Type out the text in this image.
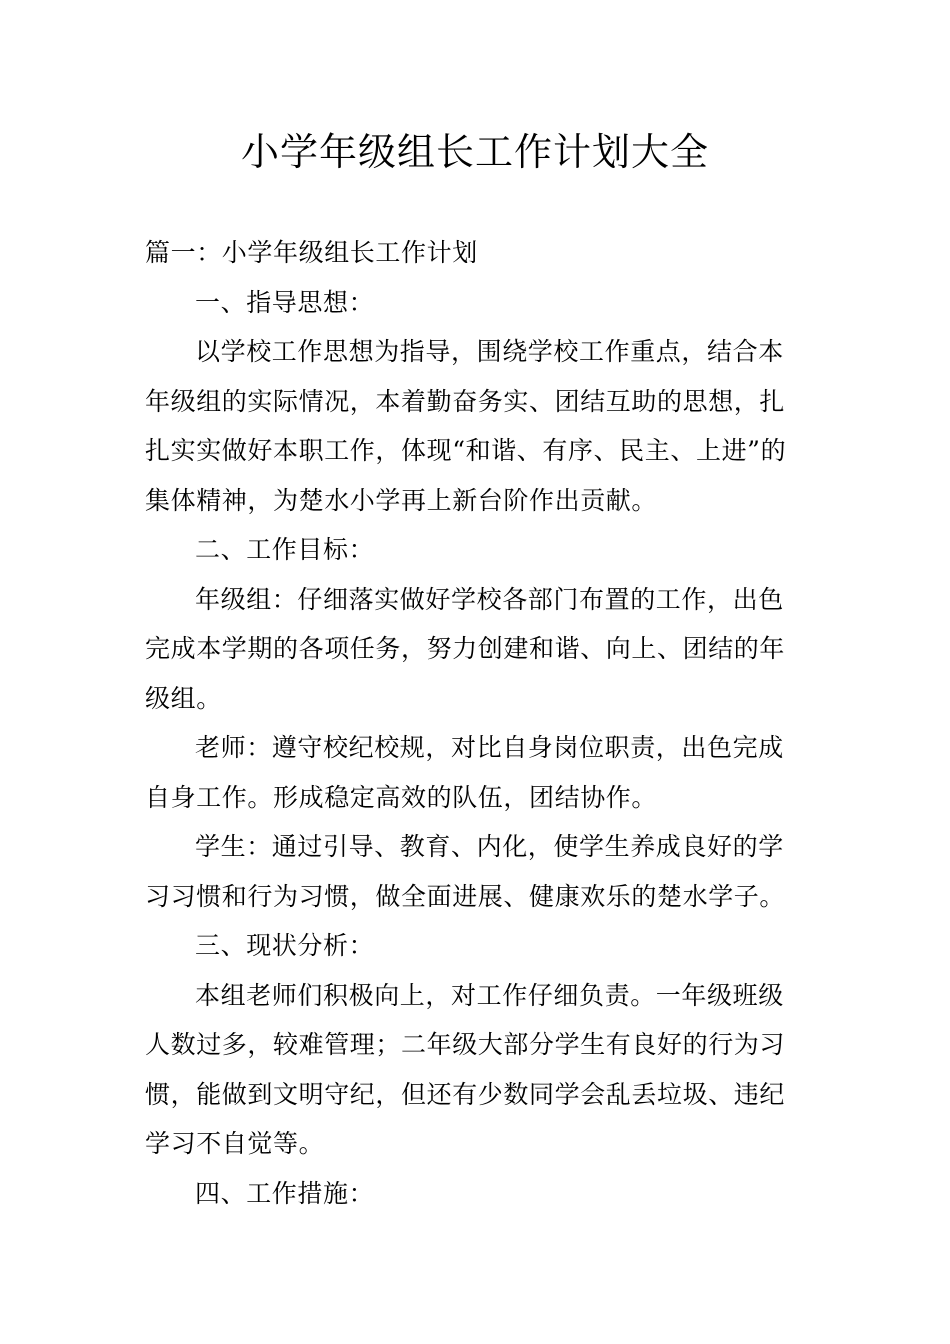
小学年级组长工作计划大全

篇一：小学年级组长工作计划

一、指导思想：

以学校工作思想为指导，围绕学校工作重点，结合本年级组的实际情况，本着勤奋务实、团结互助的思想，扎扎实实做好本职工作，体现“和谐、有序、民主、上进”的集体精神，为楚水小学再上新台阶作出贡献。

二、工作目标：

年级组：仔细落实做好学校各部门布置的工作，出色完成本学期的各项任务，努力创建和谐、向上、团结的年级组。

老师：遵守校纪校规，对比自身岗位职责，出色完成自身工作。形成稳定高效的队伍，团结协作。

学生：通过引导、教育、内化，使学生养成良好的学习习惯和行为习惯，做全面进展、健康欢乐的楚水学子。

三、现状分析：

本组老师们积极向上，对工作仔细负责。一年级班级人数过多，较难管理；二年级大部分学生有良好的行为习惯，能做到文明守纪，但还有少数同学会乱丢垃圾、违纪学习不自觉等。

四、工作措施：
